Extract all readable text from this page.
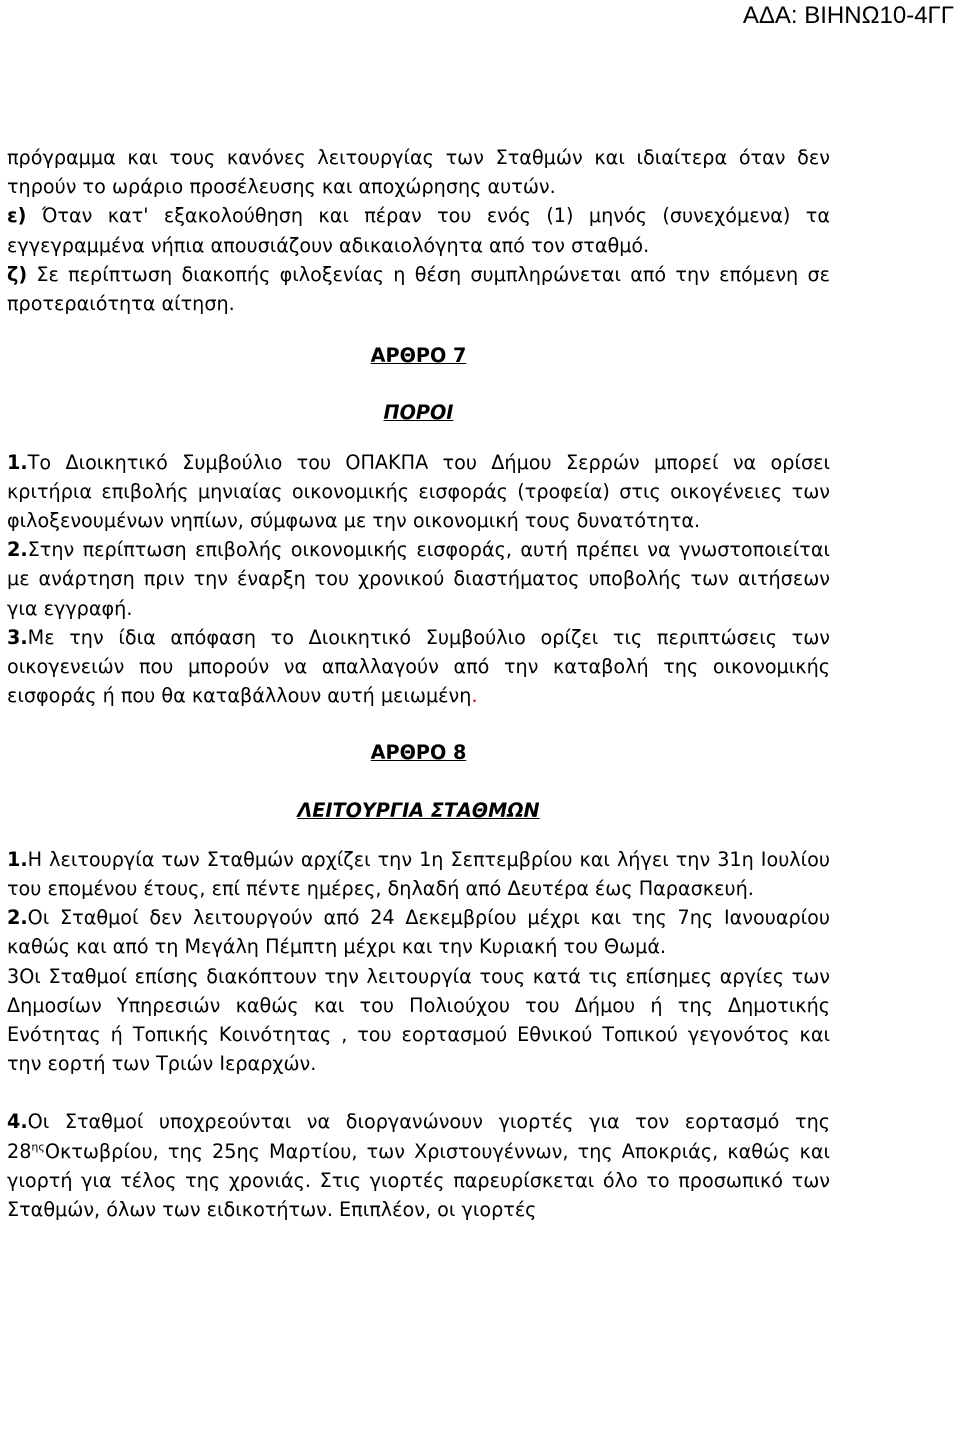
ΑΔΑ: ΒΙΗΝΩ10-4ΓΓ

πρόγραμμα και τους κανόνες λειτουργίας των Σταθμών και ιδιαίτερα όταν δεν τηρούν το ωράριο προσέλευσης και αποχώρησης αυτών.

ε) Όταν κατ' εξακολούθηση και πέραν του ενός (1) μηνός (συνεχόμενα) τα εγγεγραμμένα νήπια απουσιάζουν αδικαιολόγητα από τον σταθμό.

ζ) Σε περίπτωση διακοπής φιλοξενίας η θέση συμπληρώνεται από την επόμενη σε προτεραιότητα αίτηση.

ΑΡΘΡΟ 7

ΠΟΡΟΙ

1.Το Διοικητικό Συμβούλιο του ΟΠΑΚΠΑ του Δήμου Σερρών μπορεί να ορίσει κριτήρια επιβολής μηνιαίας οικονομικής εισφοράς (τροφεία) στις οικογένειες των φιλοξενουμένων νηπίων, σύμφωνα με την οικονομική τους δυνατότητα.

2.Στην περίπτωση επιβολής οικονομικής εισφοράς, αυτή πρέπει να γνωστοποιείται με ανάρτηση πριν την έναρξη του χρονικού διαστήματος υποβολής των αιτήσεων για εγγραφή.

3.Με την ίδια απόφαση το Διοικητικό Συμβούλιο ορίζει τις περιπτώσεις των οικογενειών που μπορούν να απαλλαγούν από την καταβολή της οικονομικής εισφοράς ή που θα καταβάλλουν αυτή μειωμένη.

ΑΡΘΡΟ 8

ΛΕΙΤΟΥΡΓΙΑ ΣΤΑΘΜΩΝ

1.Η λειτουργία των Σταθμών αρχίζει την 1η Σεπτεμβρίου και λήγει την 31η Ιουλίου του επομένου έτους, επί πέντε ημέρες, δηλαδή από Δευτέρα έως Παρασκευή.

2.Οι Σταθμοί δεν λειτουργούν από 24 Δεκεμβρίου μέχρι και της 7ης Ιανουαρίου καθώς και από τη Μεγάλη Πέμπτη μέχρι και την Κυριακή του Θωμά.

3Οι Σταθμοί επίσης διακόπτουν την λειτουργία τους κατά τις επίσημες αργίες των Δημοσίων Υπηρεσιών καθώς και του Πολιούχου του Δήμου ή της Δημοτικής Ενότητας ή Τοπικής Κοινότητας , του εορτασμού Εθνικού Τοπικού γεγονότος και την εορτή των Τριών Ιεραρχών.

4.Οι Σταθμοί υποχρεούνται να διοργανώνουν γιορτές για τον εορτασμό της $28^{\eta\varsigma}O\kappa\tau\omega\beta\rho ίo\upsilon$, της 25ης Μαρτίου, των Χριστουγέννων, της Αποκριάς, καθώς και γιορτή για τέλος της χρονιάς. Στις γιορτές παρευρίσκεται όλο το προσωπικό των Σταθμών, όλων των ειδικοτήτων. Επιπλέον, οι γιορτές
